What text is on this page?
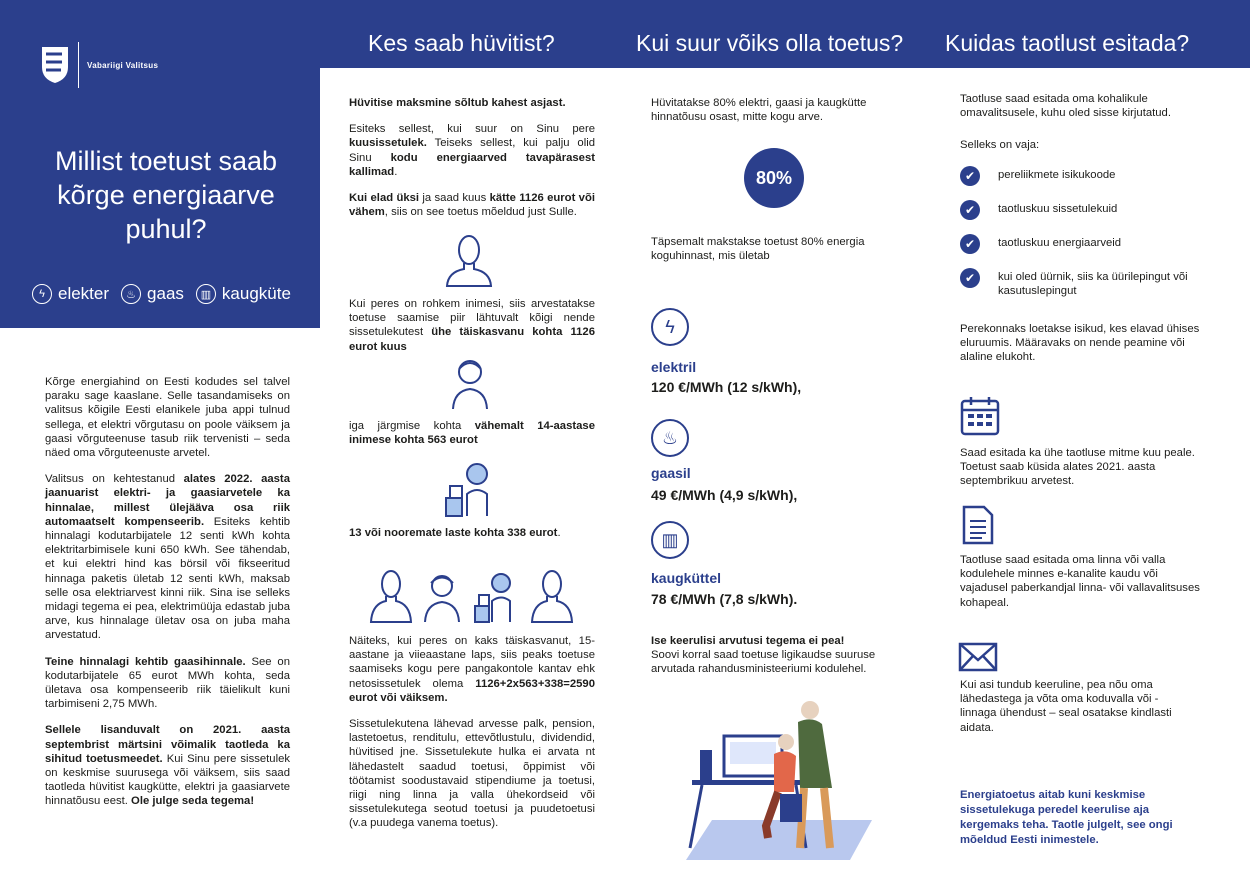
Vabariigi Valitsus
Kes saab hüvitist?	Kui suur võiks olla toetus? Kuidas taotlust esitada?
Millist toetust saab kõrge energiaarve puhul?
ϟ elekter	♨ gaas	▥ kaugküte

Kõrge energiahind on Eesti kodudes sel talvel paraku sage kaaslane. Selle tasandamiseks on valitsus kõigile Eesti elanikele juba appi tulnud sellega, et elektri võrgutasu on poole väiksem ja gaasi võrguteenuse tasub riik tervenisti – seda näed oma võrguteenuste arvetel.

Valitsus on kehtestanud alates 2022. aasta jaanuarist elektri- ja gaasiarvetele ka hinnalae, millest ülejääva osa riik automaatselt kompenseerib. Esiteks kehtib hinnalagi kodutarbijatele 12 senti kWh kohta elektritarbimisele kuni 650 kWh. See tähendab, et kui elektri hind kas börsil või fikseeritud hinnaga paketis ületab 12 senti kWh, maksab selle osa elektriarvest kinni riik. Sina ise selleks midagi tegema ei pea, elektrimüüja edastab juba arve, kus hinnalage ületav osa on juba maha arvestatud.

Teine hinnalagi kehtib gaasihinnale. See on kodutarbijatele 65 eurot MWh kohta, seda ületava osa kompenseerib riik täielikult kuni tarbimiseni 2,75 MWh.

Sellele lisanduvalt on 2021. aasta septembrist märtsini võimalik taotleda ka sihitud toetusmeedet. Kui Sinu pere sissetulek on keskmise suurusega või väiksem, siis saad taotleda hüvitist kaugkütte, elektri ja gaasiarvete hinnatõusu eest. Ole julge seda tegema!

Hüvitise maksmine sõltub kahest asjast.

Esiteks sellest, kui suur on Sinu pere kuusissetulek. Teiseks sellest, kui palju olid Sinu kodu energiaarved tavapärasest kallimad.

Kui elad üksi ja saad kuus kätte 1126 eurot või vähem, siis on see toetus mõeldud just Sulle.

Kui peres on rohkem inimesi, siis arvestatakse toetuse saamise piir lähtuvalt kõigi nende sissetulekutest ühe täiskasvanu kohta 1126 eurot kuus
iga järgmise kohta vähemalt 14-aastase inimese kohta 563 eurot
13 või nooremate laste kohta 338 eurot.

Näiteks, kui peres on kaks täiskasvanut, 15-aastane ja viieaastane laps, siis peaks toetuse saamiseks kogu pere pangakontole kantav ehk netosissetulek olema 1126+2x563+338=2590 eurot või väiksem.

Sissetulekutena lähevad arvesse palk, pension, lastetoetus, renditulu, ettevõtlustulu, dividendid, hüvitised jne. Sissetulekute hulka ei arvata nt lähedastelt saadud toetusi, õppimist või töötamist soodustavaid stipendiume ja toetusi, riigi ning linna ja valla ühekordseid või sissetulekutega seotud toetusi ja puudetoetusi (v.a puudega vanema toetus).

Hüvitatakse 80% elektri, gaasi ja kaugkütte hinnatõusu osast, mitte kogu arve.
80%
Täpsemalt makstakse toetust 80% energia koguhinnast, mis ületab
ϟ
elektril
120 €/MWh (12 s/kWh),
♨
gaasil
49 €/MWh (4,9 s/kWh),
▥
kaugküttel
78 €/MWh (7,8 s/kWh).
Ise keerulisi arvutusi tegema ei pea!
Soovi korral saad toetuse ligikaudse suuruse arvutada rahandusministeeriumi kodulehel.
Taotluse saad esitada oma kohalikule omavalitsusele, kuhu oled sisse kirjutatud.
Selleks on vaja:
✔	pereliikmete isikukoode
✔	taotluskuu sissetulekuid
✔	taotluskuu energiaarveid
✔	kui oled üürnik, siis ka üürilepingut või kasutuslepingut
Perekonnaks loetakse isikud, kes elavad ühises eluruumis. Määravaks on nende peamine või alaline elukoht.
Saad esitada ka ühe taotluse mitme kuu peale. Toetust saab küsida alates 2021. aasta septembrikuu arvetest.
Taotluse saad esitada oma linna või valla kodulehele minnes e-kanalite kaudu või vajadusel paberkandjal linna- või vallavalitsuses kohapeal.
Kui asi tundub keeruline, pea nõu oma lähedastega ja võta oma koduvalla või -linnaga ühendust – seal osatakse kindlasti aidata.
Energiatoetus aitab kuni keskmise sissetulekuga peredel keerulise aja kergemaks teha. Taotle julgelt, see ongi mõeldud Eesti inimestele.
